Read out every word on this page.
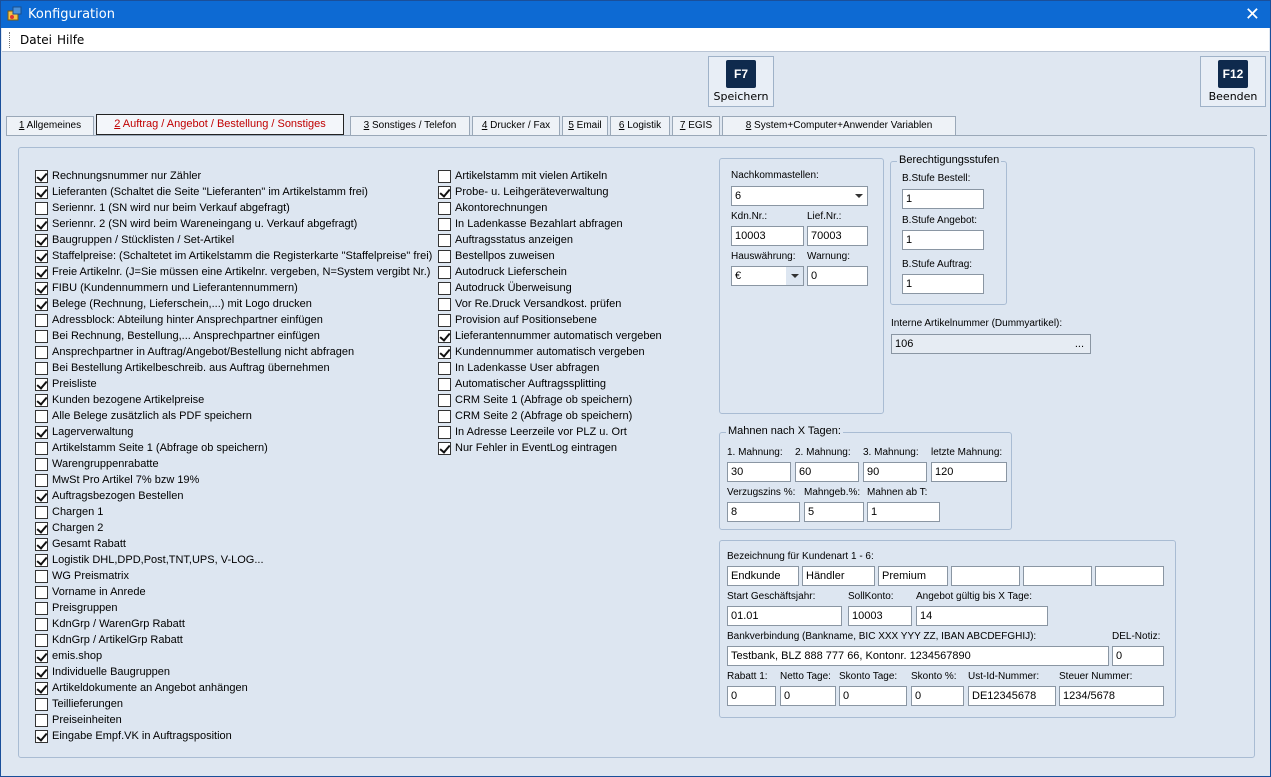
Konfiguration	✕
Datei Hilfe
F7
Speichern
F12
Beenden
1 Allgemeines	2 Auftrag / Angebot / Bestellung / Sonstiges	3 Sonstiges / Telefon	4 Drucker / Fax	5 Email	6 Logistik	7 EGIS	8 System+Computer+Anwender Variablen
Rechnungsnummer nur Zähler
Lieferanten (Schaltet die Seite "Lieferanten" im Artikelstamm frei)
Seriennr. 1 (SN wird nur beim Verkauf abgefragt)
Seriennr. 2 (SN wird beim Wareneingang u. Verkauf abgefragt)
Baugruppen / Stücklisten / Set-Artikel
Staffelpreise: (Schaltetet im Artikelstamm die Registerkarte "Staffelpreise" frei)
Freie Artikelnr. (J=Sie müssen eine Artikelnr. vergeben, N=System vergibt Nr.)
FIBU (Kundennummern und Lieferantennummern)
Belege (Rechnung, Lieferschein,...) mit Logo drucken
Adressblock: Abteilung hinter Ansprechpartner einfügen
Bei Rechnung, Bestellung,... Ansprechpartner einfügen
Ansprechpartner in Auftrag/Angebot/Bestellung nicht abfragen
Bei Bestellung Artikelbeschreib. aus Auftrag übernehmen
Preisliste
Kunden bezogene Artikelpreise
Alle Belege zusätzlich als PDF speichern
Lagerverwaltung
Artikelstamm Seite 1 (Abfrage ob speichern)
Warengruppenrabatte
MwSt Pro Artikel 7% bzw 19%
Auftragsbezogen Bestellen
Chargen 1
Chargen 2
Gesamt Rabatt
Logistik DHL,DPD,Post,TNT,UPS, V-LOG...
WG Preismatrix
Vorname in Anrede
Preisgruppen
KdnGrp / WarenGrp Rabatt
KdnGrp / ArtikelGrp Rabatt
emis.shop
Individuelle Baugruppen
Artikeldokumente an Angebot anhängen
Teillieferungen
Preiseinheiten
Eingabe Empf.VK in Auftragsposition
Artikelstamm mit vielen Artikeln
Probe- u. Leihgeräteverwaltung
Akontorechnungen
In Ladenkasse Bezahlart abfragen
Auftragsstatus anzeigen
Bestellpos zuweisen
Autodruck Lieferschein
Autodruck Überweisung
Vor Re.Druck Versandkost. prüfen
Provision auf Positionsebene
Lieferantennummer automatisch vergeben
Kundennummer automatisch vergeben
In Ladenkasse User abfragen
Automatischer Auftragssplitting
CRM Seite 1 (Abfrage ob speichern)
CRM Seite 2 (Abfrage ob speichern)
In Adresse Leerzeile vor PLZ u. Ort
Nur Fehler in EventLog eintragen
Nachkommastellen:
6
Kdn.Nr.:	Lief.Nr.:
10003	70003
Hauswährung: Warnung:
€	0
Berechtigungsstufen
B.Stufe Bestell:
1
B.Stufe Angebot:
1
B.Stufe Auftrag:
1
Interne Artikelnummer (Dummyartikel):
106	...
Mahnen nach X Tagen:
1. Mahnung: 2. Mahnung: 3. Mahnung: letzte Mahnung:
30	60	90	120
Verzugszins %: Mahngeb.%: Mahnen ab T:
8	5	1
Bezeichnung für Kundenart 1 - 6:
Endkunde	Händler	Premium
Start Geschäftsjahr:	SollKonto: Angebot gültig bis X Tage:
01.01	10003	14
Bankverbindung (Bankname, BIC XXX YYY ZZ, IBAN ABCDEFGHIJ):	DEL-Notiz:
Testbank, BLZ 888 777 66, Kontonr. 1234567890	0
Rabatt 1: Netto Tage: Skonto Tage: Skonto %: Ust-Id-Nummer: Steuer Nummer:
0	0	0	0	DE12345678	1234/5678
